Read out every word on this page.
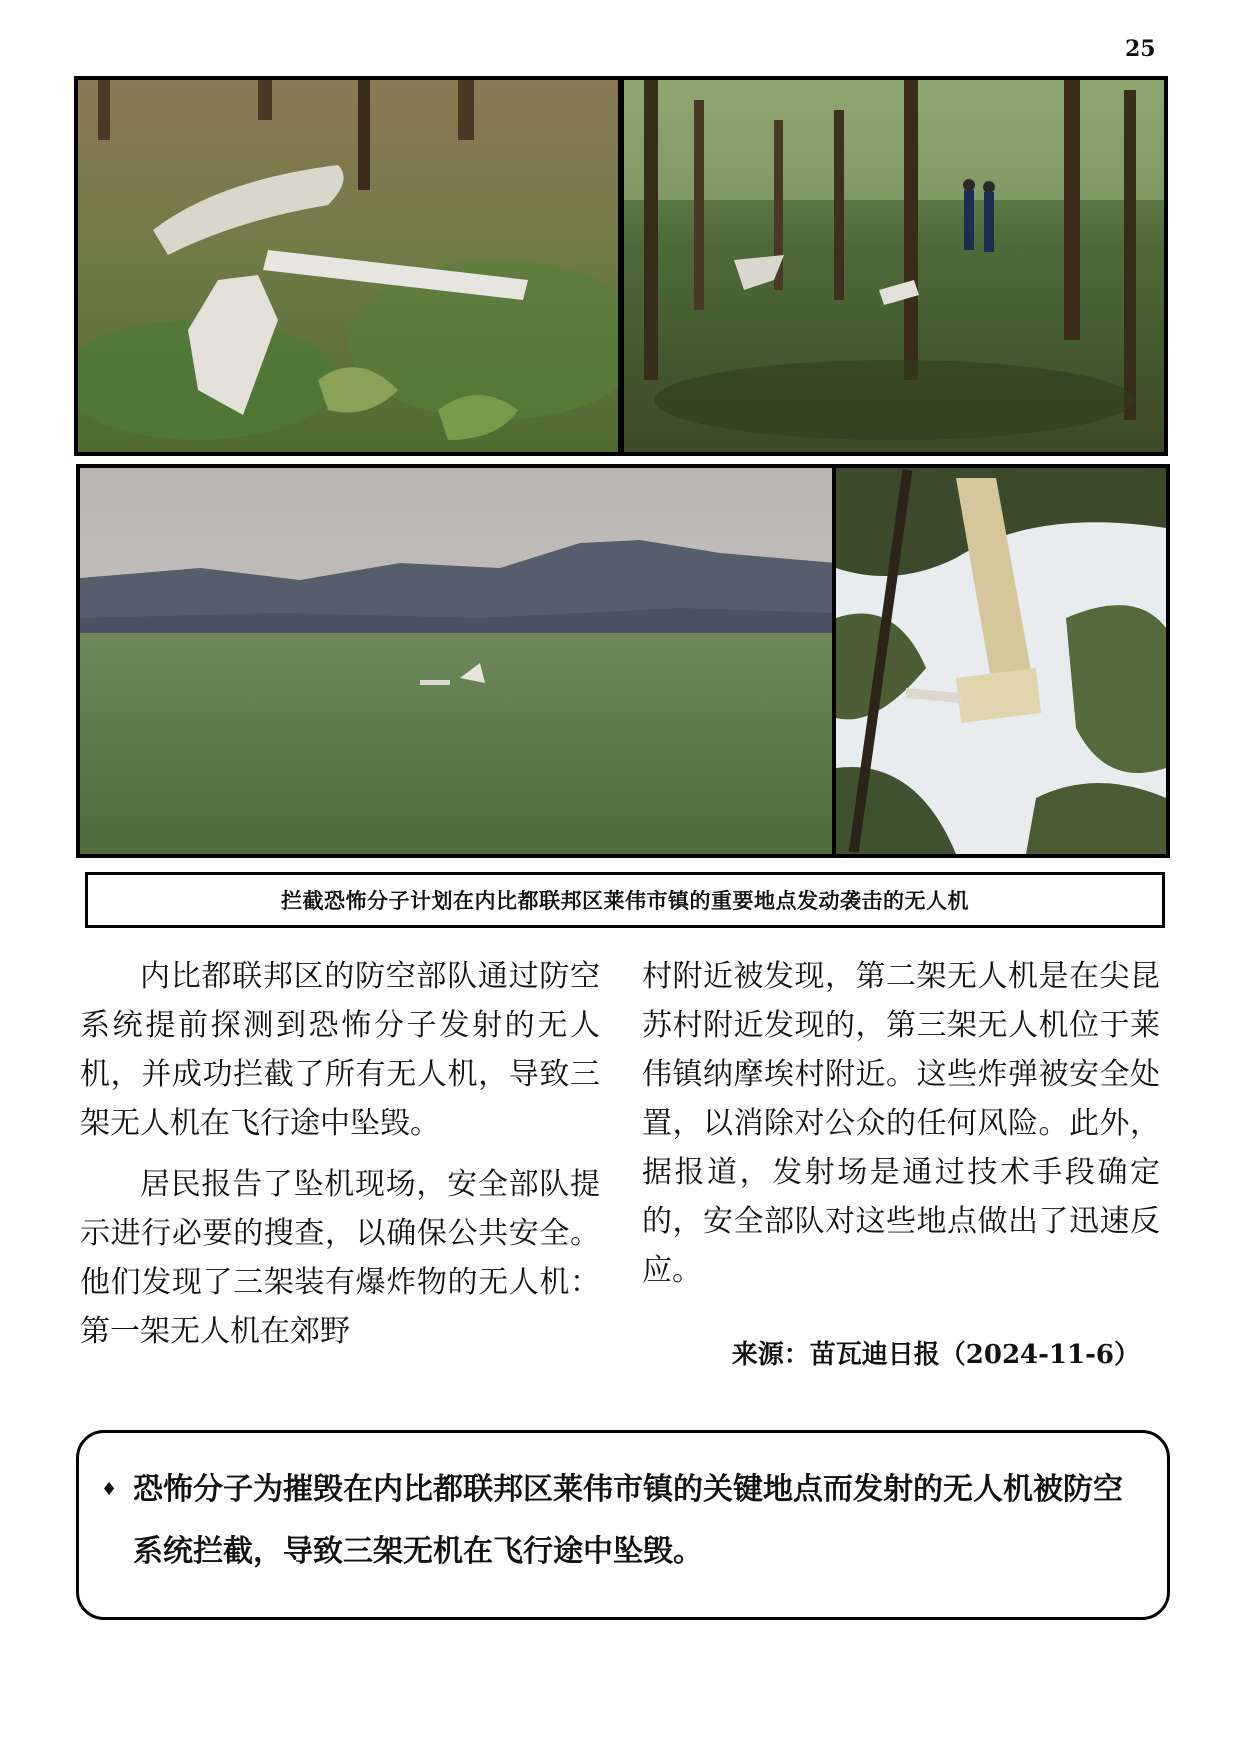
25
拦截恐怖分子计划在内比都联邦区莱伟市镇的重要地点发动袭击的无人机

内比都联邦区的防空部队通过防空系统提前探测到恐怖分子发射的无人机，并成功拦截了所有无人机，导致三架无人机在飞行途中坠毁。

居民报告了坠机现场，安全部队提示进行必要的搜查，以确保公共安全。他们发现了三架装有爆炸物的无人机：第一架无人机在郊野

村附近被发现，第二架无人机是在尖昆苏村附近发现的，第三架无人机位于莱伟镇纳摩埃村附近。这些炸弹被安全处置，以消除对公众的任何风险。此外，据报道，发射场是通过技术手段确定的，安全部队对这些地点做出了迅速反应。

来源：苗瓦迪日报（2024-11-6）
♦ 恐怖分子为摧毁在内比都联邦区莱伟市镇的关键地点而发射的无人机被防空系统拦截，导致三架无机在飞行途中坠毁。
